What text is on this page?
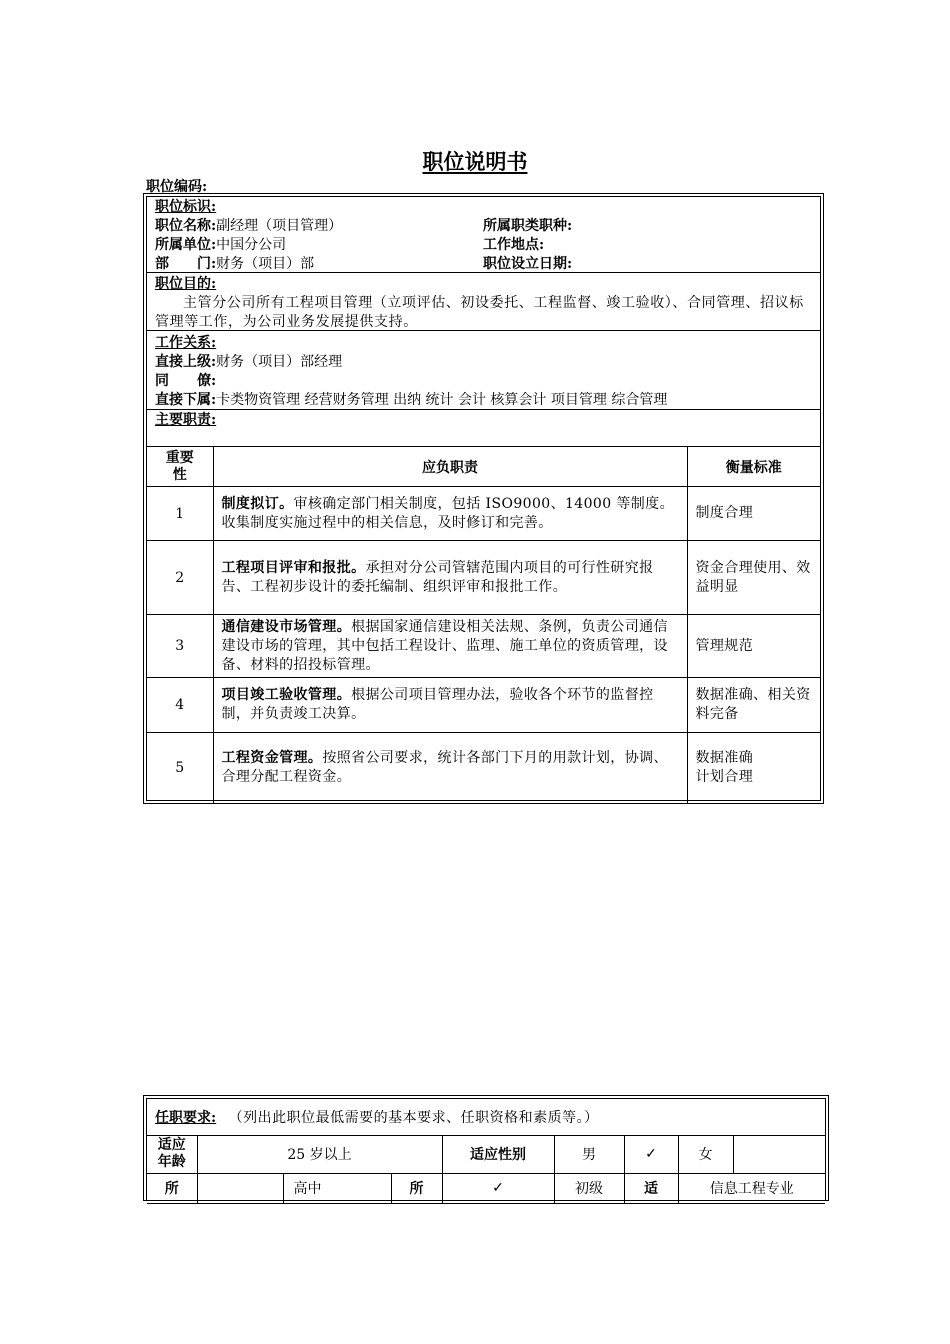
职位说明书
职位编码:
职位标识:
职位名称:副经理（项目管理）	所属职类职种:
所属单位:中国分公司	工作地点:
部　　门:财务（项目）部	职位设立日期:
职位目的:
主管分公司所有工程项目管理（立项评估、初设委托、工程监督、竣工验收）、合同管理、招议标管理等工作，为公司业务发展提供支持。
工作关系:
直接上级:财务（项目）部经理
同　　僚:
直接下属:卡类物资管理 经营财务管理 出纳 统计 会计 核算会计 项目管理 综合管理
主要职责:
重要性	应负职责	衡量标准
1	制度拟订。审核确定部门相关制度，包括 ISO9000、14000 等制度。收集制度实施过程中的相关信息，及时修订和完善。	制度合理
2	工程项目评审和报批。承担对分公司管辖范围内项目的可行性研究报告、工程初步设计的委托编制、组织评审和报批工作。	资金合理使用、效益明显
3	通信建设市场管理。根据国家通信建设相关法规、条例，负责公司通信建设市场的管理，其中包括工程设计、监理、施工单位的资质管理，设备、材料的招投标管理。	管理规范
4	项目竣工验收管理。根据公司项目管理办法，验收各个环节的监督控制，并负责竣工决算。	数据准确、相关资料完备
5	工程资金管理。按照省公司要求，统计各部门下月的用款计划，协调、合理分配工程资金。	数据准确
计划合理
任职要求: （列出此职位最低需要的基本要求、任职资格和素质等。）								

适应年龄	25 岁以上			适应性别	男	✓	女	
所		高中	所	✓	初级	适	信息工程专业	
